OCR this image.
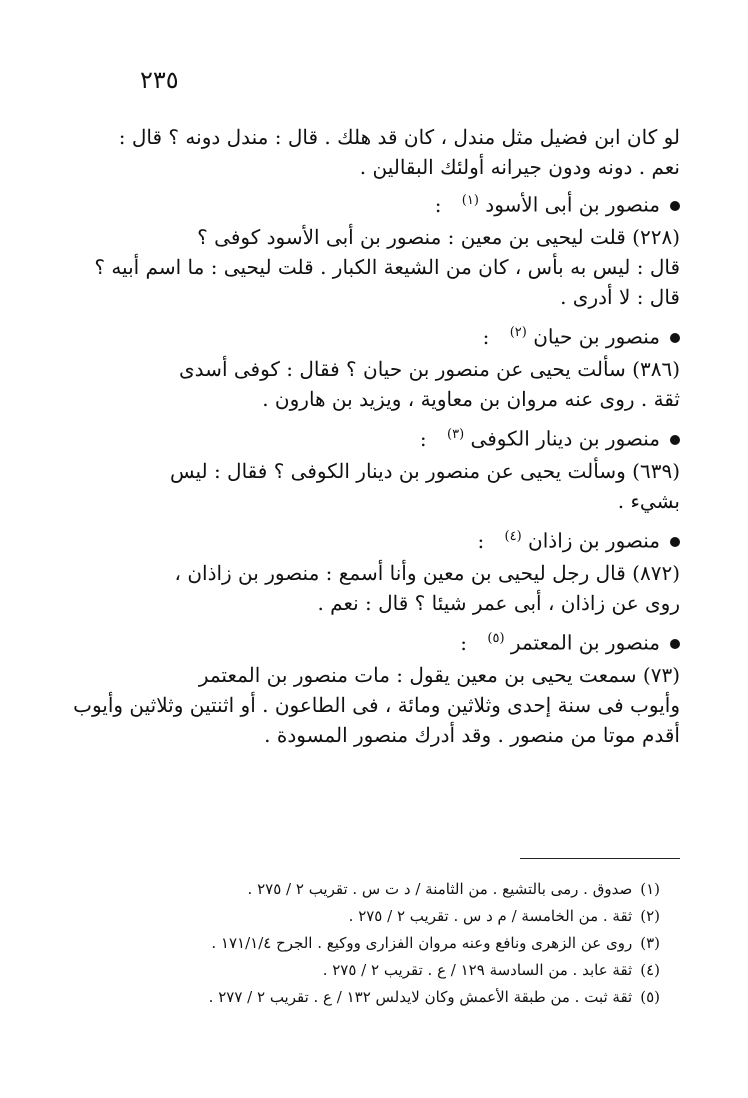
٢٣٥
لو كان ابن فضيل مثل مندل ، كان قد هلك . قال : مندل دونه ؟ قال :
نعم . دونه ودون جيرانه أولئك البقالين .
منصور بن أبى الأسود $^{(١)}$ :
(٢٢٨) قلت ليحيى بن معين : منصور بن أبى الأسود كوفى ؟
قال : ليس به بأس ، كان من الشيعة الكبار . قلت ليحيى : ما اسم أبيه ؟
قال : لا أدرى .
منصور بن حيان $^{(٢)}$ :
(٣٨٦) سألت يحيى عن منصور بن حيان ؟ فقال : كوفى أسدى
ثقة . روى عنه مروان بن معاوية ، ويزيد بن هارون .
منصور بن دينار الكوفى $^{(٣)}$ :
(٦٣٩) وسألت يحيى عن منصور بن دينار الكوفى ؟ فقال : ليس
بشيء .
منصور بن زاذان $^{(٤)}$ :
(٨٧٢) قال رجل ليحيى بن معين وأنا أسمع : منصور بن زاذان ،
روى عن زاذان ، أبى عمر شيئا ؟ قال : نعم .
منصور بن المعتمر $^{(٥)}$ :
(٧٣) سمعت يحيى بن معين يقول : مات منصور بن المعتمر
وأيوب فى سنة إحدى وثلاثين ومائة ، فى الطاعون . أو اثنتين وثلاثين وأيوب
أقدم موتا من منصور . وقد أدرك منصور المسودة .
(١)صدوق . رمى بالتشيع . من الثامنة / د ت س . تقريب ٢ / ٢٧٥ .
(٢)ثقة . من الخامسة / م د س . تقريب ٢ / ٢٧٥ .
(٣)روى عن الزهرى ونافع وعنه مروان الفزارى ووكيع . الجرح ١٧١/١/٤ .
(٤)ثقة عابد . من السادسة ١٢٩ / ع . تقريب ٢ / ٢٧٥ .
(٥)ثقة ثبت . من طبقة الأعمش وكان لايدلس ١٣٢ / ع . تقريب ٢ / ٢٧٧ .
